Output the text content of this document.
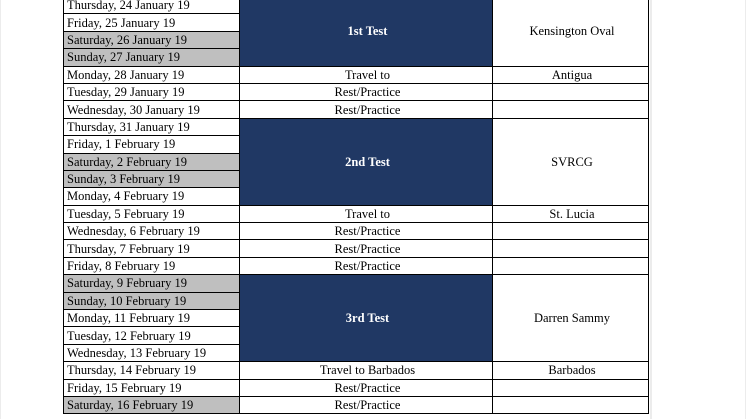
Thursday, 24 January 19	1st Test	Kensington Oval
Friday, 25 January 19		
Saturday, 26 January 19		
Sunday, 27 January 19		
Monday, 28 January 19	Travel to	Antigua
Tuesday, 29 January 19	Rest/Practice	
Wednesday, 30 January 19	Rest/Practice	
Thursday, 31 January 19	2nd Test	SVRCG
Friday, 1 February 19		
Saturday, 2 February 19		
Sunday, 3 February 19		
Monday, 4 February 19		
Tuesday, 5 February 19	Travel to	St. Lucia
Wednesday, 6 February 19	Rest/Practice	
Thursday, 7 February 19	Rest/Practice	
Friday, 8 February 19	Rest/Practice	
Saturday, 9 February 19	3rd Test	Darren Sammy
Sunday, 10 February 19		
Monday, 11 February 19		
Tuesday, 12 February 19		
Wednesday, 13 February 19		
Thursday, 14 February 19	Travel to Barbados	Barbados
Friday, 15 February 19	Rest/Practice	
Saturday, 16 February 19	Rest/Practice	
